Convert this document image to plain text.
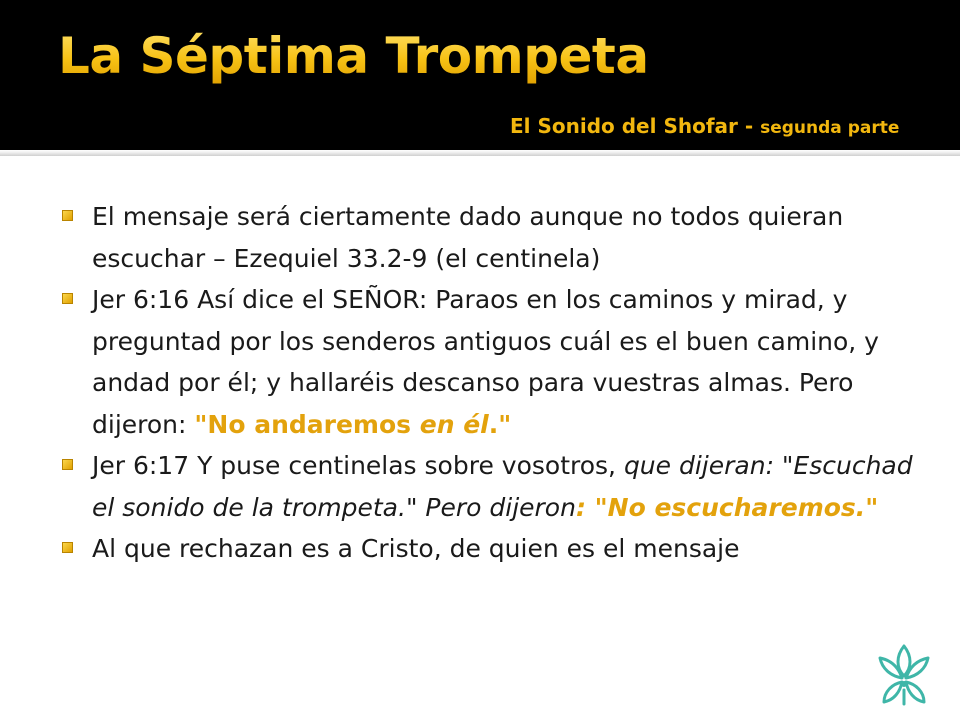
La Séptima Trompeta
El Sonido del Shofar - segunda parte
El mensaje será ciertamente dado aunque no todos quieran escuchar – Ezequiel 33.2-9 (el centinela)
Jer 6:16 Así dice el SEÑOR: Paraos en los caminos y mirad, y preguntad por los senderos antiguos cuál es el buen camino, y andad por él; y hallaréis descanso para vuestras almas. Pero dijeron: "No andaremos en él."
Jer 6:17 Y puse centinelas sobre vosotros, que dijeran: "Escuchad el sonido de la trompeta." Pero dijeron: "No escucharemos."
Al que rechazan es a Cristo, de quien es el mensaje
